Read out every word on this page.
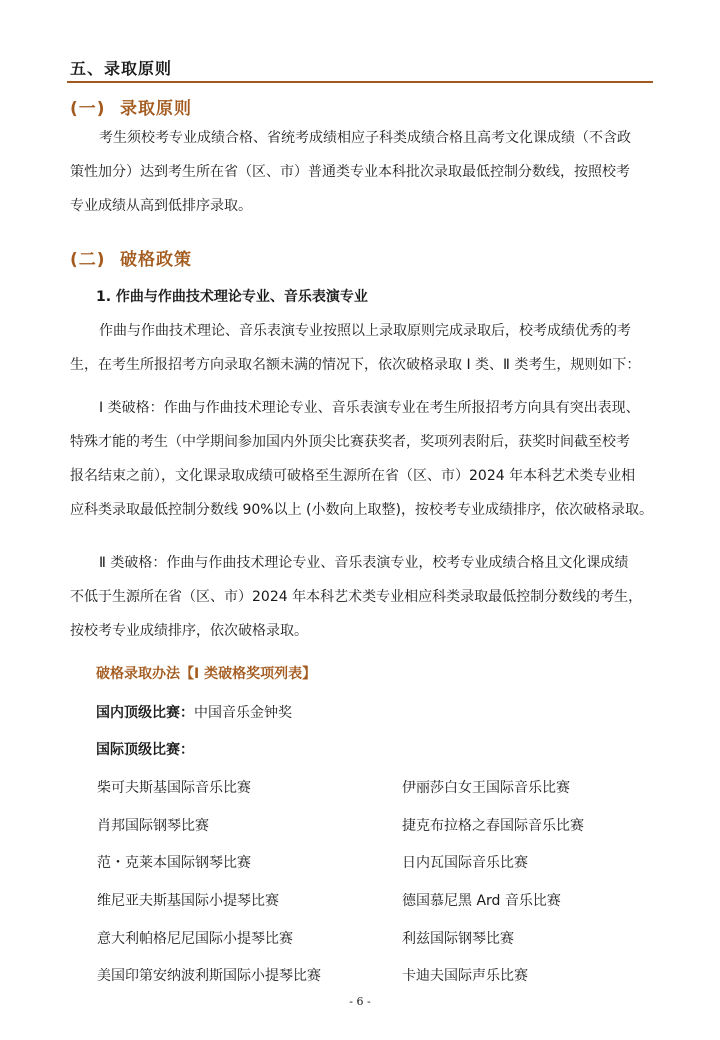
五、录取原则
(一) 录取原则
考生须校考专业成绩合格、省统考成绩相应子科类成绩合格且高考文化课成绩（不含政
策性加分）达到考生所在省（区、市）普通类专业本科批次录取最低控制分数线，按照校考
专业成绩从高到低排序录取。
(二) 破格政策
1. 作曲与作曲技术理论专业、音乐表演专业
作曲与作曲技术理论、音乐表演专业按照以上录取原则完成录取后，校考成绩优秀的考
生，在考生所报招考方向录取名额未满的情况下，依次破格录取 Ⅰ 类、Ⅱ 类考生，规则如下：
Ⅰ 类破格：作曲与作曲技术理论专业、音乐表演专业在考生所报招考方向具有突出表现、
特殊才能的考生（中学期间参加国内外顶尖比赛获奖者，奖项列表附后，获奖时间截至校考
报名结束之前），文化课录取成绩可破格至生源所在省（区、市）2024 年本科艺术类专业相
应科类录取最低控制分数线 90%以上 (小数向上取整)，按校考专业成绩排序，依次破格录取。
Ⅱ 类破格：作曲与作曲技术理论专业、音乐表演专业，校考专业成绩合格且文化课成绩
不低于生源所在省（区、市）2024 年本科艺术类专业相应科类录取最低控制分数线的考生，
按校考专业成绩排序，依次破格录取。
破格录取办法【Ⅰ 类破格奖项列表】
国内顶级比赛：中国音乐金钟奖
国际顶级比赛：
柴可夫斯基国际音乐比赛
肖邦国际钢琴比赛
范・克莱本国际钢琴比赛
维尼亚夫斯基国际小提琴比赛
意大利帕格尼尼国际小提琴比赛
美国印第安纳波利斯国际小提琴比赛
伊丽莎白女王国际音乐比赛
捷克布拉格之春国际音乐比赛
日内瓦国际音乐比赛
德国慕尼黑 Ard 音乐比赛
利兹国际钢琴比赛
卡迪夫国际声乐比赛
- 6 -
